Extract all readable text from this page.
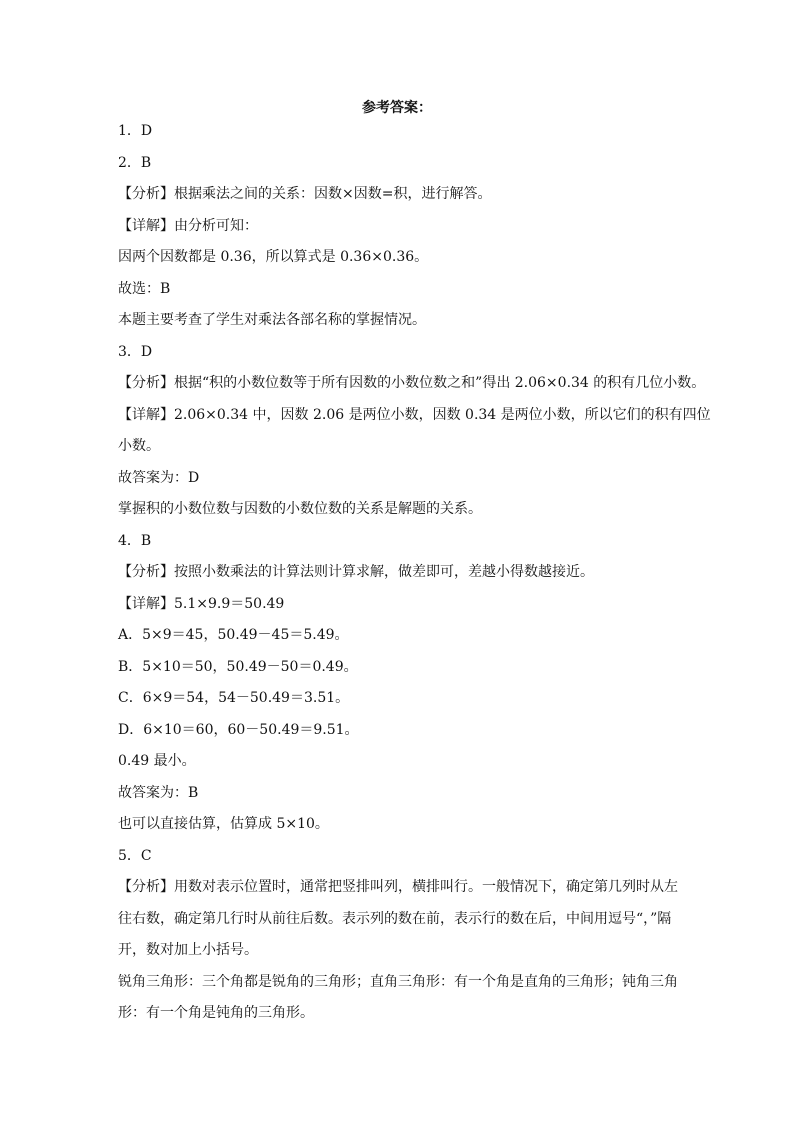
参考答案：
1．D
2．B
【分析】根据乘法之间的关系：因数×因数=积，进行解答。
【详解】由分析可知：
因两个因数都是 0.36，所以算式是 0.36×0.36。
故选：B
本题主要考查了学生对乘法各部名称的掌握情况。
3．D
【分析】根据“积的小数位数等于所有因数的小数位数之和”得出 2.06×0.34 的积有几位小数。
【详解】2.06×0.34 中，因数 2.06 是两位小数，因数 0.34 是两位小数，所以它们的积有四位
小数。
故答案为：D
掌握积的小数位数与因数的小数位数的关系是解题的关系。
4．B
【分析】按照小数乘法的计算法则计算求解，做差即可，差越小得数越接近。
【详解】5.1×9.9＝50.49
A．5×9＝45，50.49－45＝5.49。
B．5×10＝50，50.49－50＝0.49。
C．6×9＝54，54－50.49＝3.51。
D．6×10＝60，60－50.49＝9.51。
0.49 最小。
故答案为：B
也可以直接估算，估算成 5×10。
5．C
【分析】用数对表示位置时，通常把竖排叫列，横排叫行。一般情况下，确定第几列时从左
往右数，确定第几行时从前往后数。表示列的数在前，表示行的数在后，中间用逗号“，”隔
开，数对加上小括号。
锐角三角形：三个角都是锐角的三角形；直角三角形：有一个角是直角的三角形；钝角三角
形：有一个角是钝角的三角形。
